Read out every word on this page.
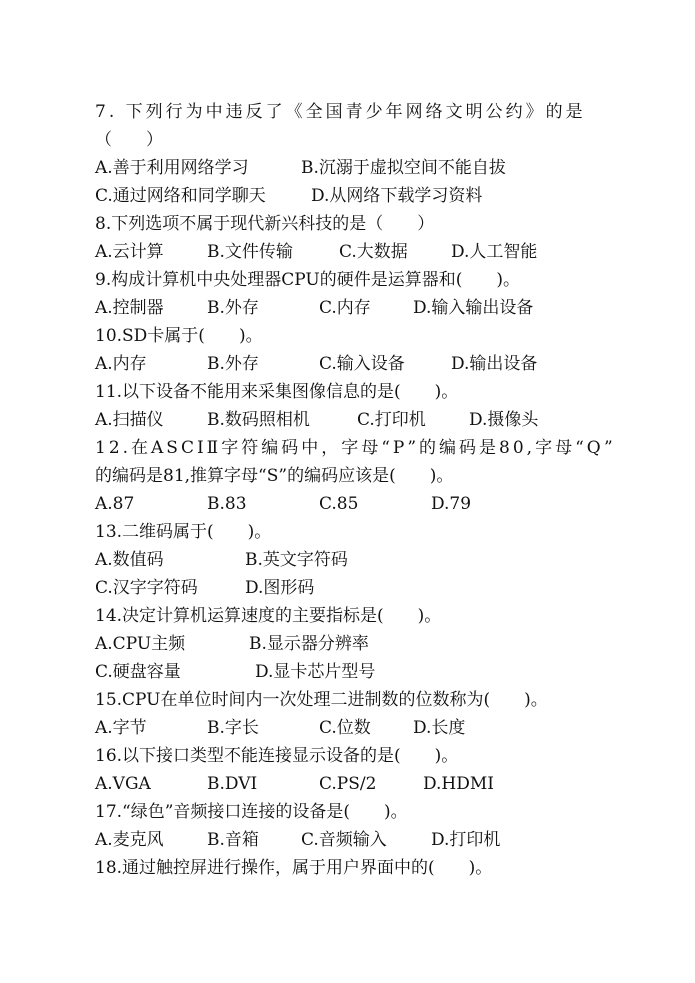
7. 下列行为中违反了《全国青少年网络文明公约》的是
（　　）
A.善于利用网络学习	B.沉溺于虚拟空间不能自拔
C.通过网络和同学聊天	D.从网络下载学习资料
8.下列选项不属于现代新兴科技的是（　　）
A.云计算	B.文件传输	C.大数据	D.人工智能
9.构成计算机中央处理器CPU的硬件是运算器和(　　)。
A.控制器	B.外存	C.内存 D.输入输出设备
10.SD卡属于(　　)。
A.内存	B.外存	C.输入设备	D.输出设备
11.以下设备不能用来采集图像信息的是(　　)。
A.扫描仪	B.数码照相机	C.打印机	D.摄像头
12.在ASCIⅡ字符编码中，字母“P”的编码是80,字母“Q”
的编码是81,推算字母“S”的编码应该是(　　)。
A.87	B.83	C.85	D.79
13.二维码属于(　　)。
A.数值码	B.英文字符码
C.汉字字符码	D.图形码
14.决定计算机运算速度的主要指标是(　　)。
A.CPU主频	B.显示器分辨率
C.硬盘容量	D.显卡芯片型号
15.CPU在单位时间内一次处理二进制数的位数称为(　　)。
A.字节	B.字长	C.位数 D.长度
16.以下接口类型不能连接显示设备的是(　　)。
A.VGA	B.DVI	C.PS/2	D.HDMI
17.“绿色”音频接口连接的设备是(　　)。
A.麦克风	B.音箱 C.音频输入	D.打印机
18.通过触控屏进行操作，属于用户界面中的(　　)。
